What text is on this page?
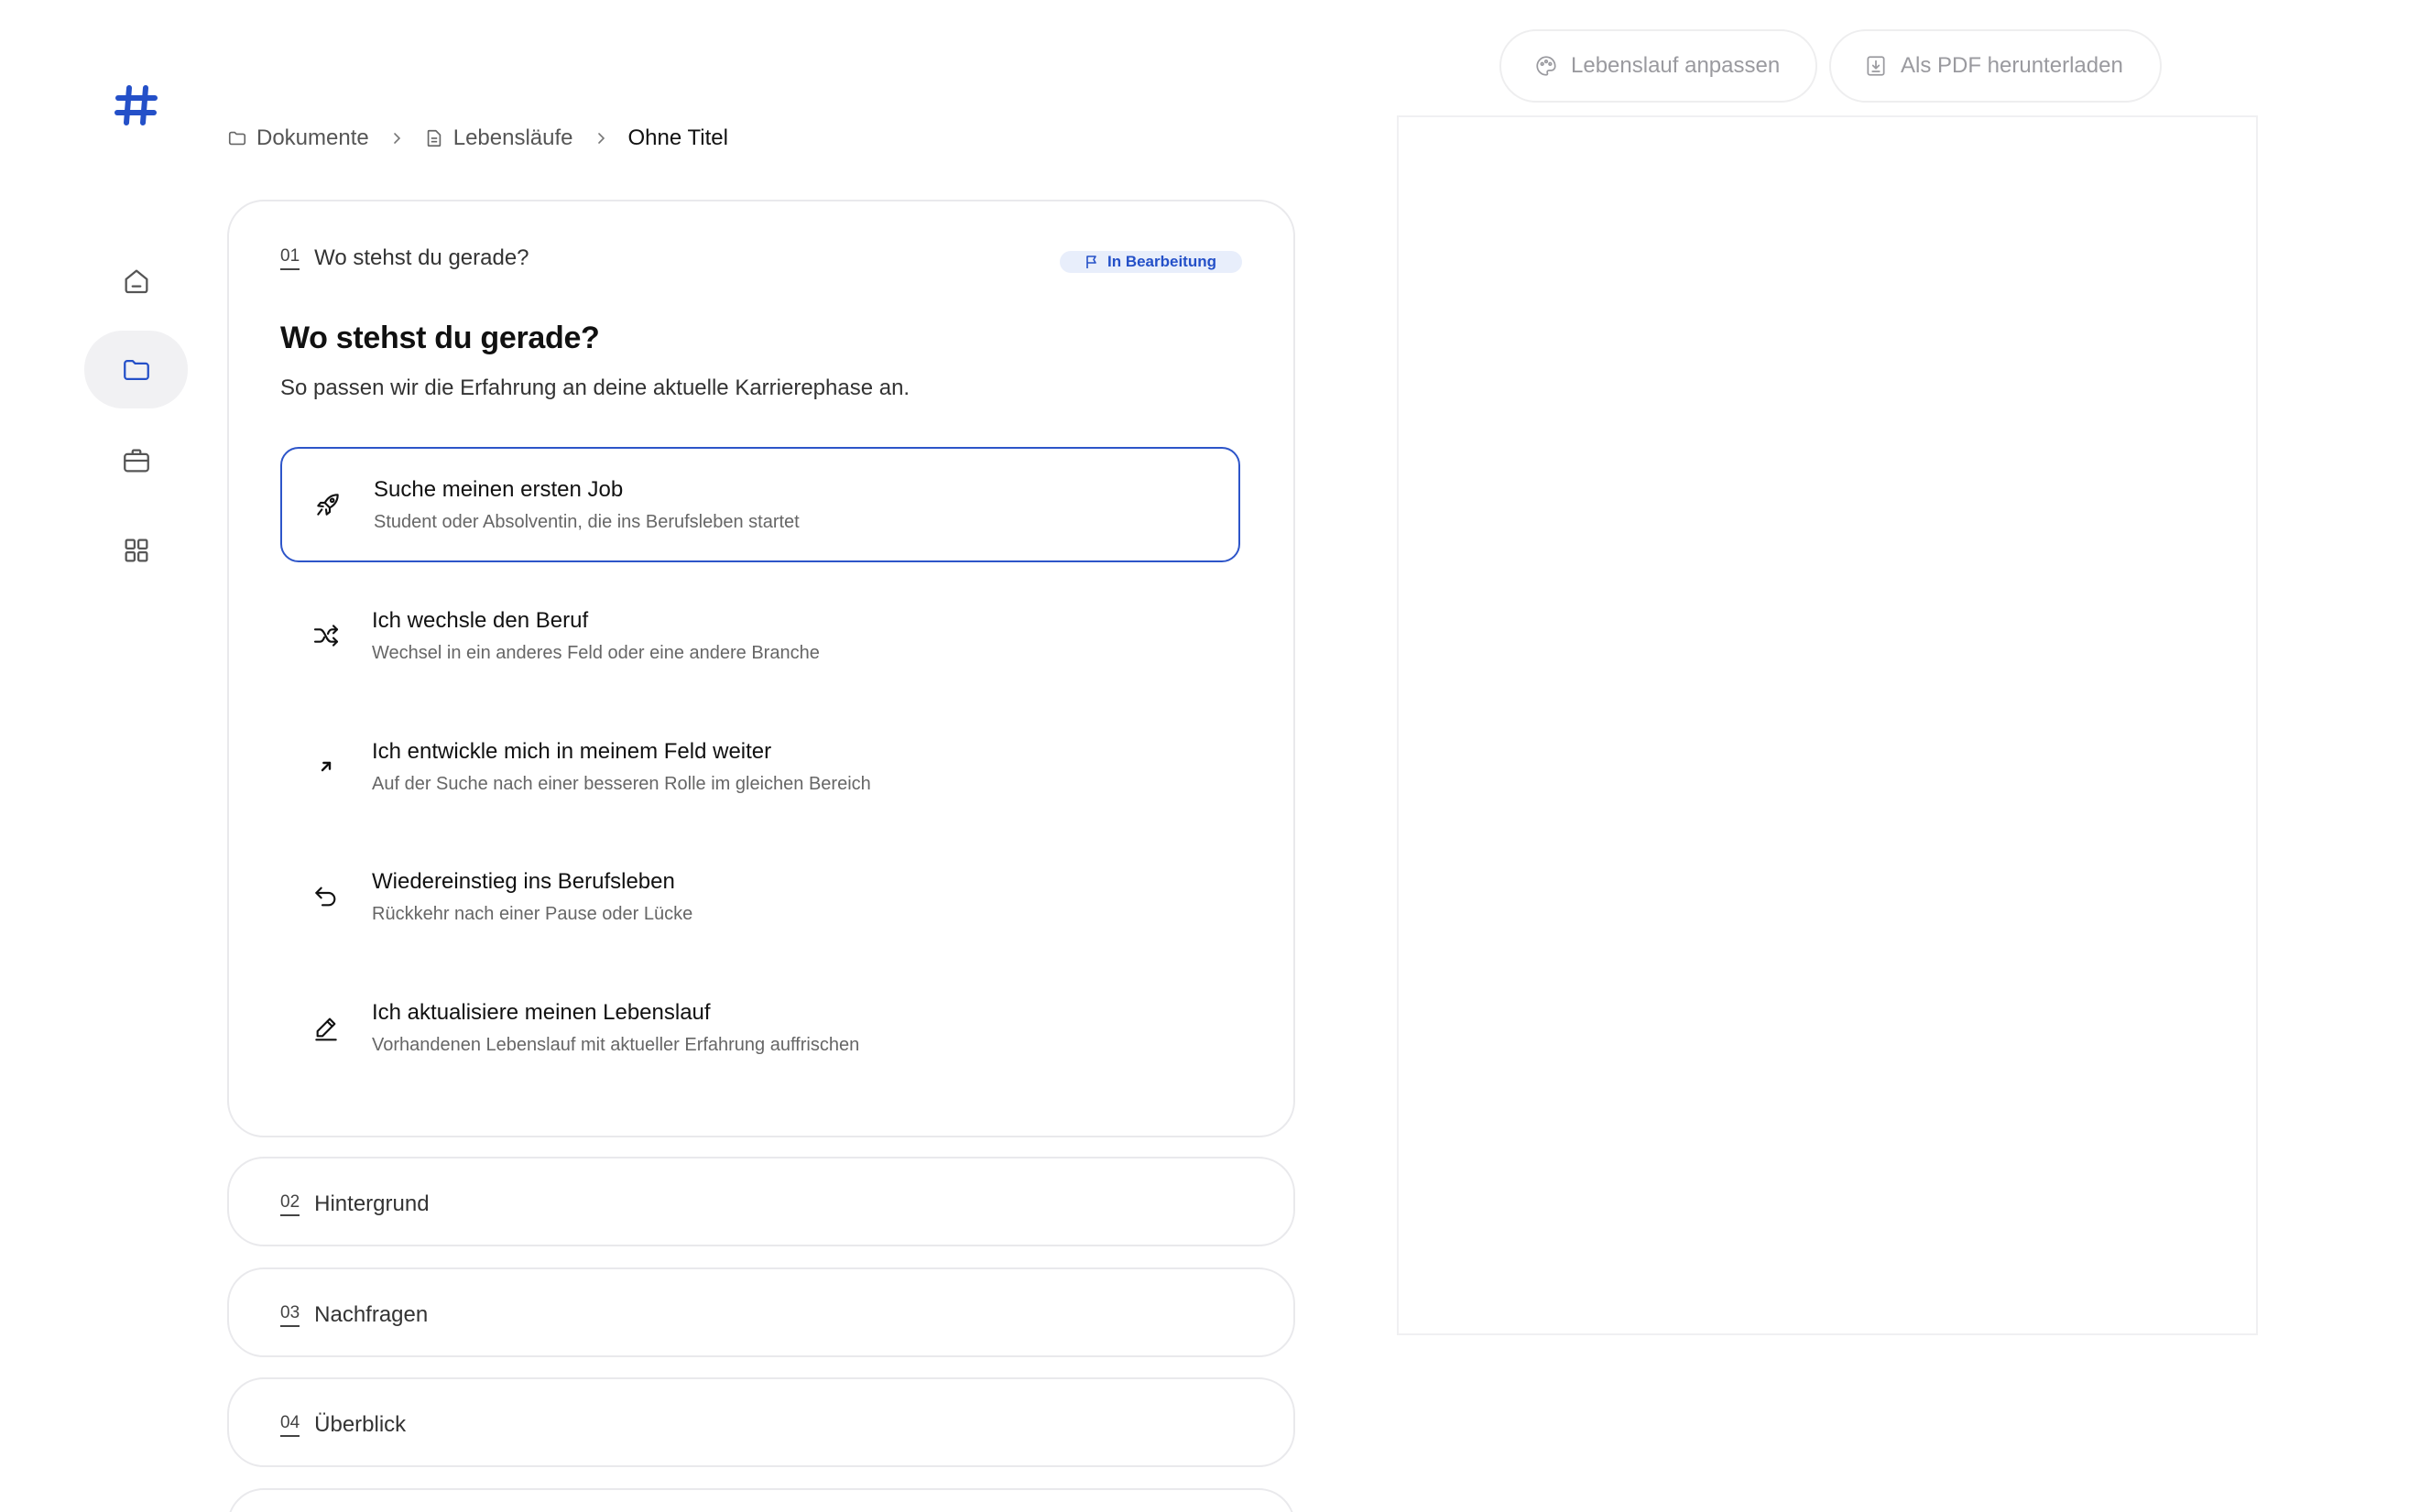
Dokumente	Lebensläufe	Ohne Titel
Lebenslauf anpassen	Als PDF herunterladen
01 Wo stehst du gerade?	In Bearbeitung
Wo stehst du gerade?
So passen wir die Erfahrung an deine aktuelle Karrierephase an.
Suche meinen ersten Job
Student oder Absolventin, die ins Berufsleben startet
Ich wechsle den Beruf
Wechsel in ein anderes Feld oder eine andere Branche
Ich entwickle mich in meinem Feld weiter
Auf der Suche nach einer besseren Rolle im gleichen Bereich
Wiedereinstieg ins Berufsleben
Rückkehr nach einer Pause oder Lücke
Ich aktualisiere meinen Lebenslauf
Vorhandenen Lebenslauf mit aktueller Erfahrung auffrischen
02 Hintergrund
03 Nachfragen
04 Überblick
